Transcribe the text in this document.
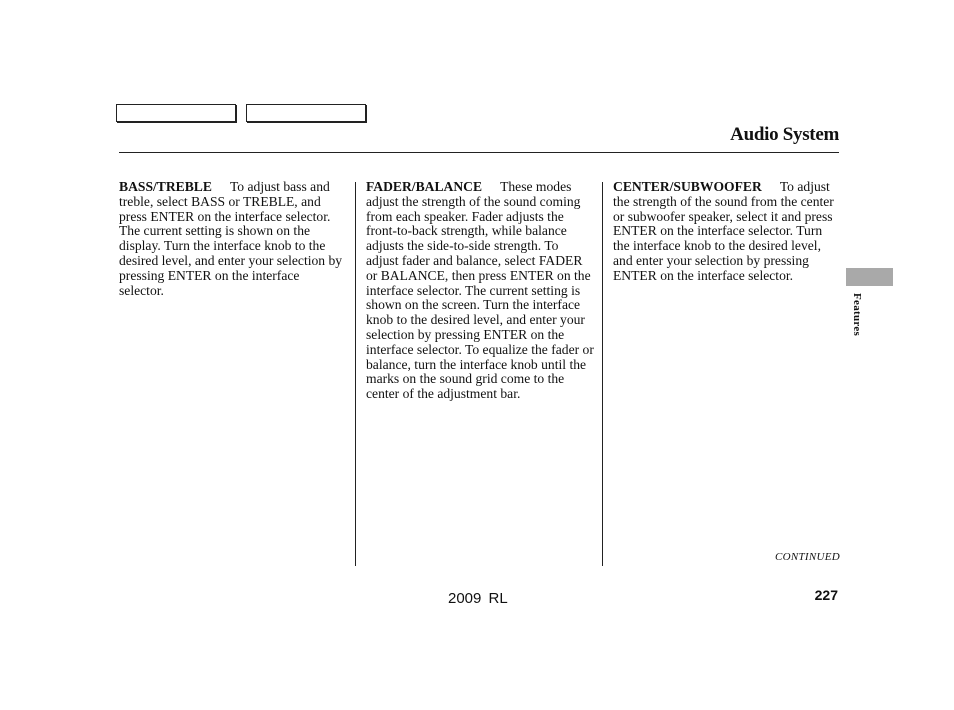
Audio System
BASS/TREBLE To adjust bass and treble, select BASS or TREBLE, and press ENTER on the interface selector. The current setting is shown on the display. Turn the interface knob to the desired level, and enter your selection by pressing ENTER on the interface selector.
FADER/BALANCE These modes adjust the strength of the sound coming from each speaker. Fader adjusts the front-to-back strength, while balance adjusts the side-to-side strength. To adjust fader and balance, select FADER or BALANCE, then press ENTER on the interface selector. The current setting is shown on the screen. Turn the interface knob to the desired level, and enter your selection by pressing ENTER on the interface selector. To equalize the fader or balance, turn the interface knob until the marks on the sound grid come to the center of the adjustment bar.
CENTER/SUBWOOFER To adjust the strength of the sound from the center or subwoofer speaker, select it and press ENTER on the interface selector. Turn the interface knob to the desired level, and enter your selection by pressing ENTER on the interface selector.
Features
CONTINUED
227
2009 RL
